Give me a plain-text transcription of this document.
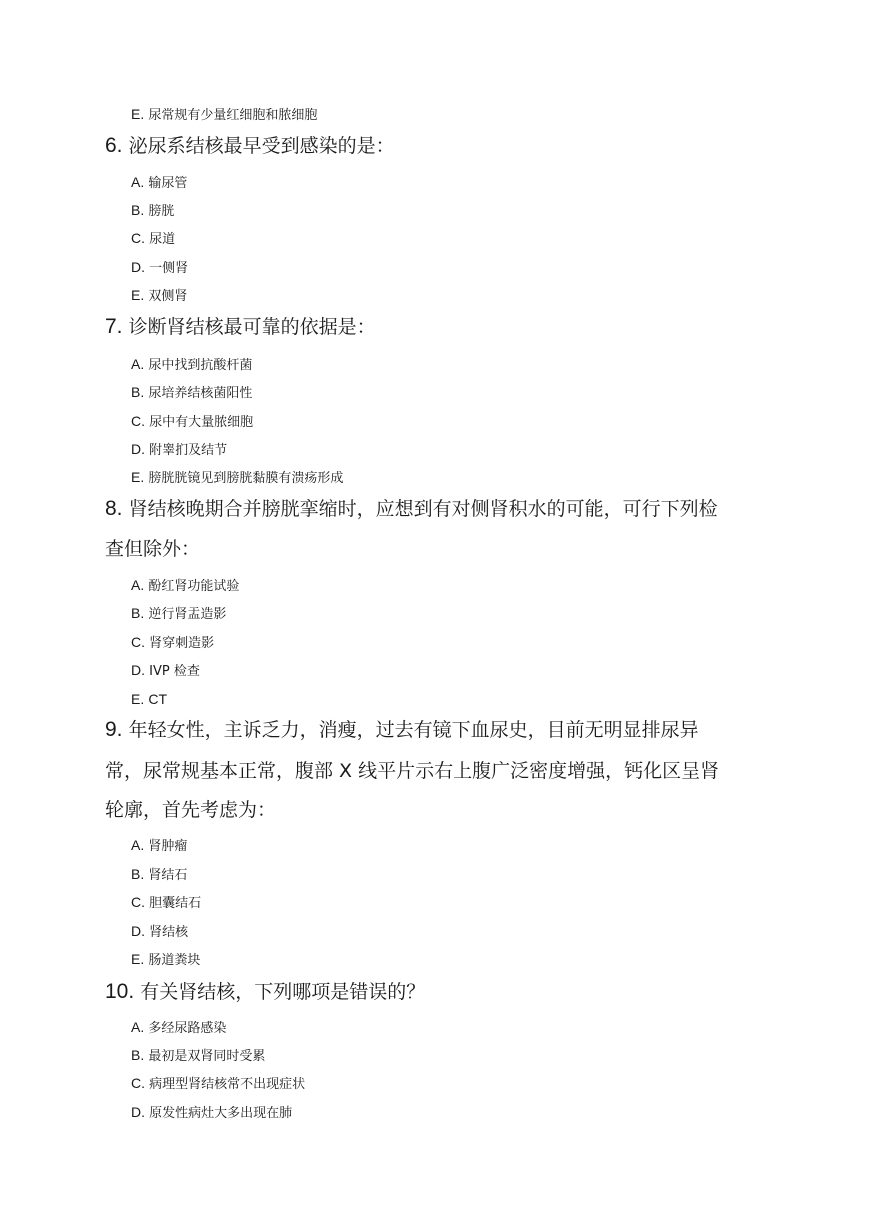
E. 尿常规有少量红细胞和脓细胞
6. 泌尿系结核最早受到感染的是：
A. 输尿管
B. 膀胱
C. 尿道
D. 一侧肾
E. 双侧肾
7. 诊断肾结核最可靠的依据是：
A. 尿中找到抗酸杆菌
B. 尿培养结核菌阳性
C. 尿中有大量脓细胞
D. 附睾扪及结节
E. 膀胱胱镜见到膀胱黏膜有溃疡形成
8. 肾结核晚期合并膀胱挛缩时，应想到有对侧肾积水的可能，可行下列检
查但除外：
A. 酚红肾功能试验
B. 逆行肾盂造影
C. 肾穿刺造影
D. IVP 检查
E. CT
9. 年轻女性，主诉乏力，消瘦，过去有镜下血尿史，目前无明显排尿异
常，尿常规基本正常，腹部 X 线平片示右上腹广泛密度增强，钙化区呈肾
轮廓，首先考虑为：
A. 肾肿瘤
B. 肾结石
C. 胆囊结石
D. 肾结核
E. 肠道粪块
10. 有关肾结核，下列哪项是错误的？
A. 多经尿路感染
B. 最初是双肾同时受累
C. 病理型肾结核常不出现症状
D. 原发性病灶大多出现在肺
